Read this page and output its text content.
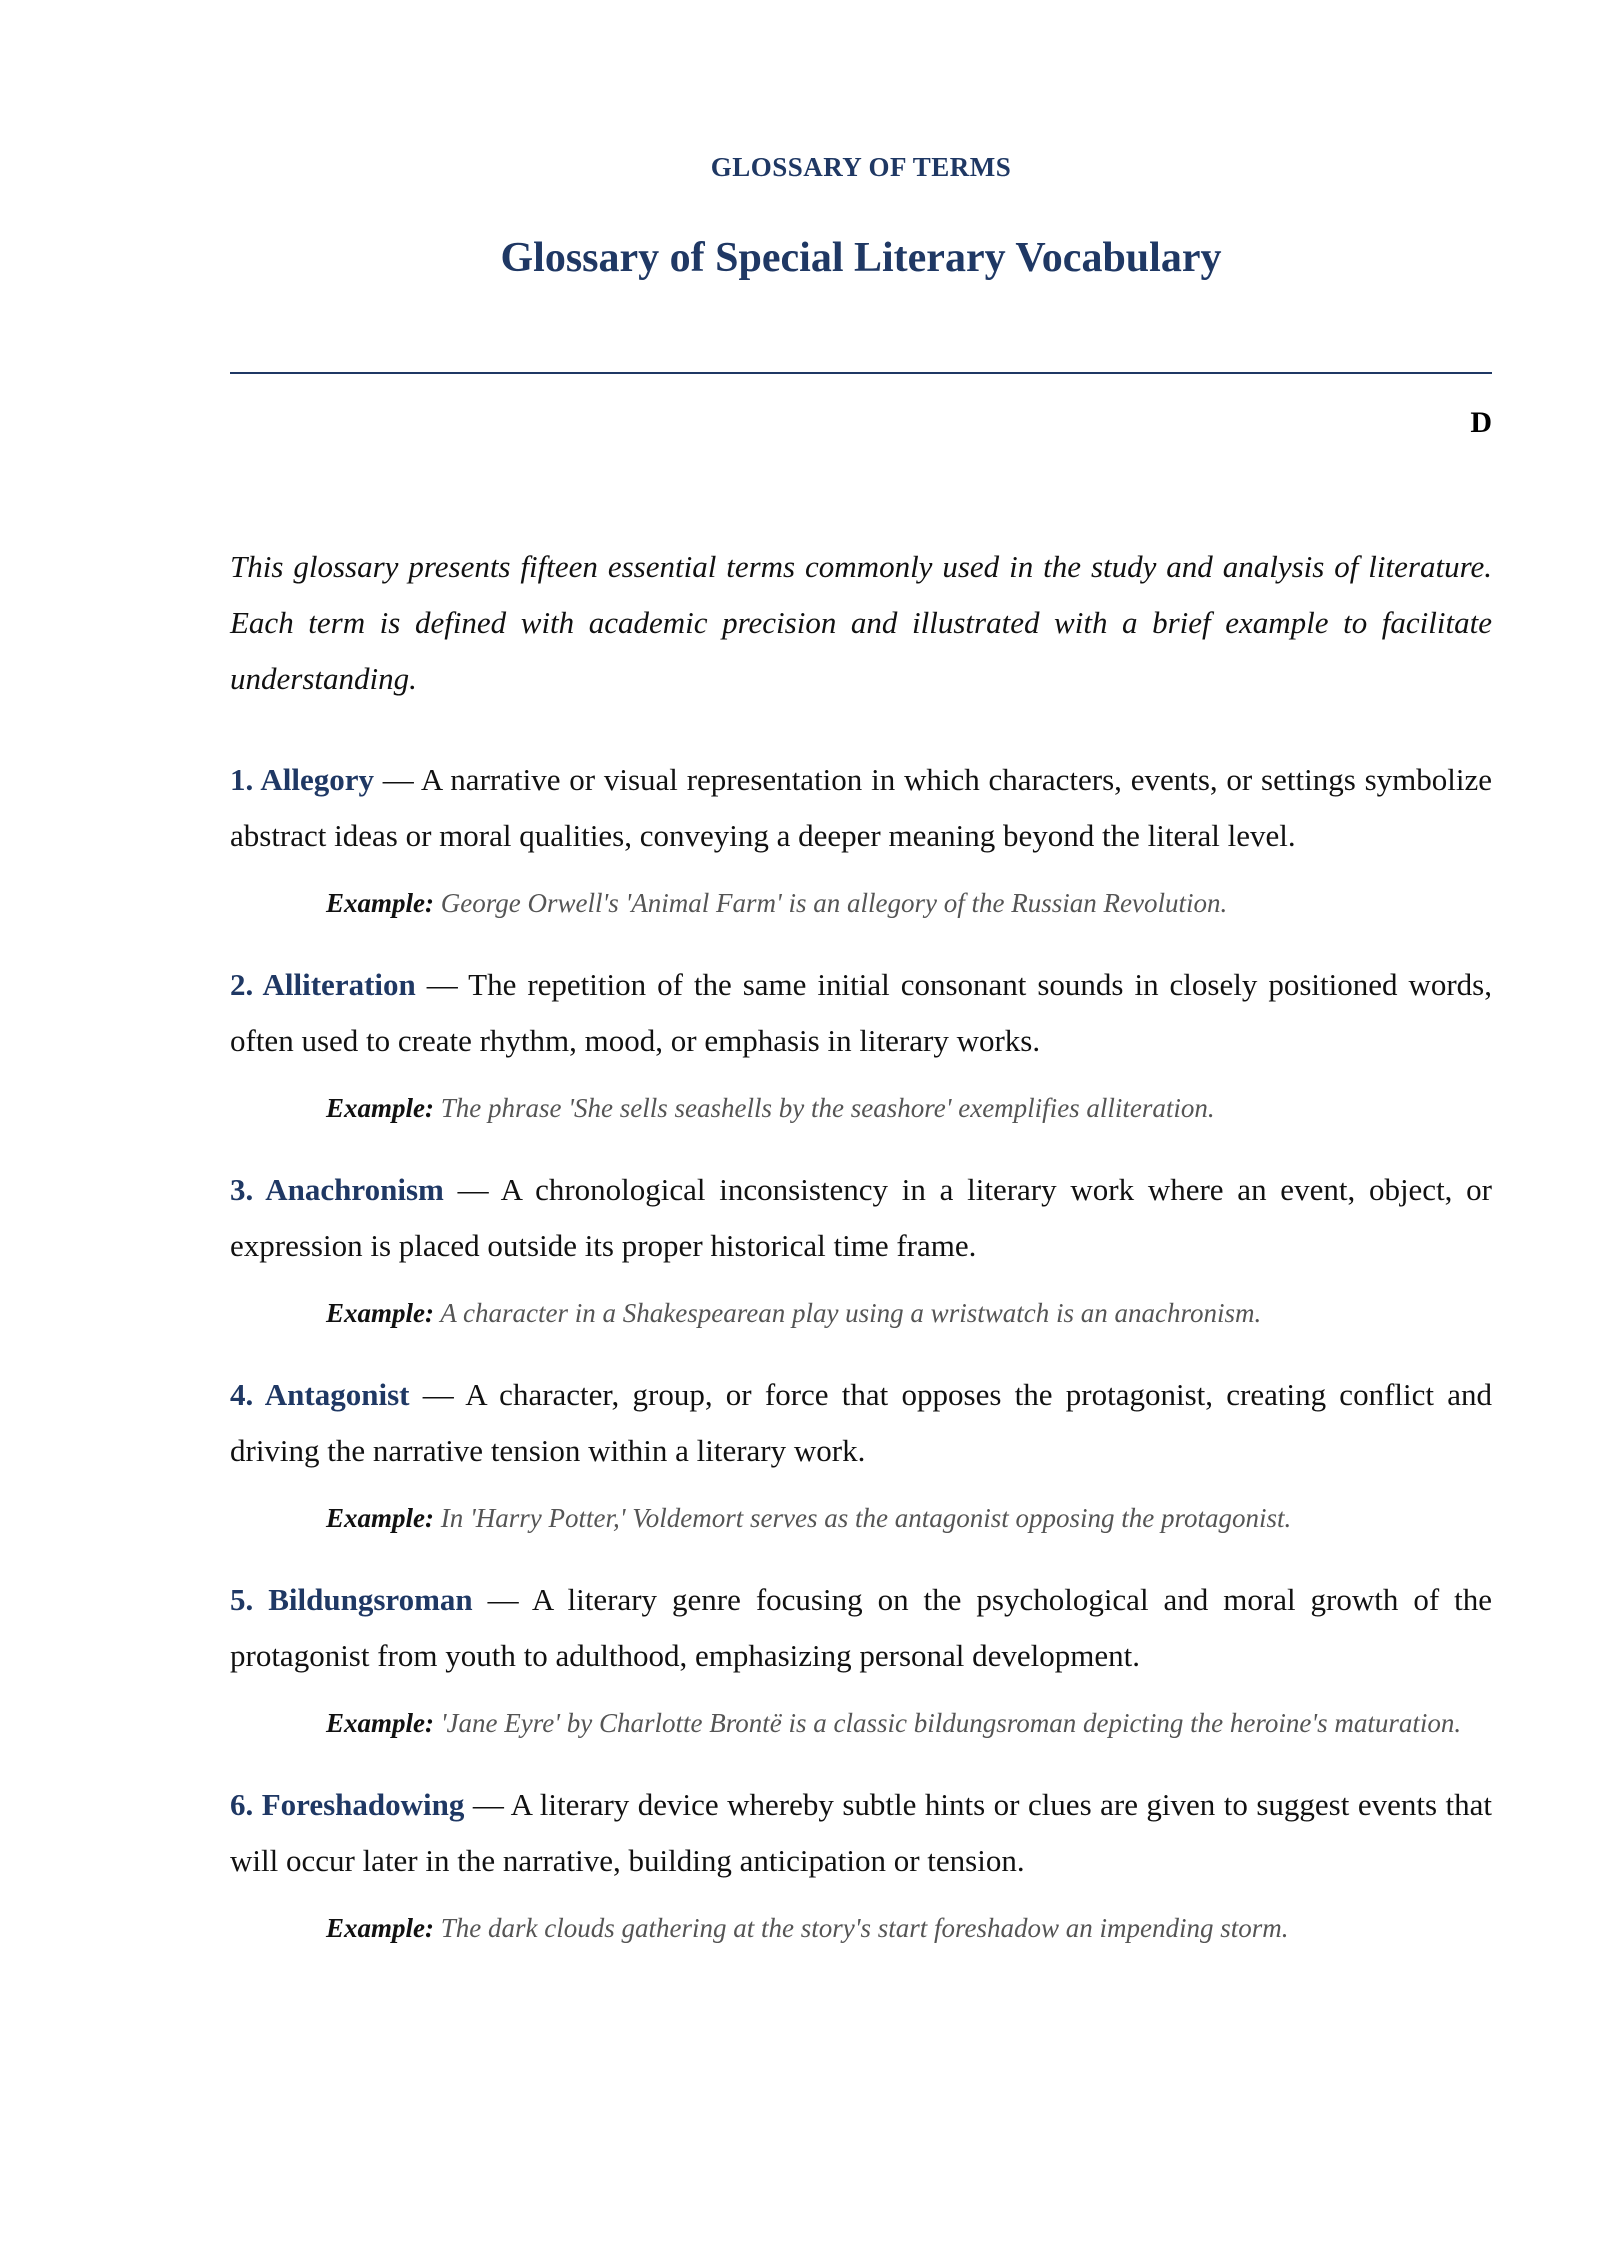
GLOSSARY OF TERMS
Glossary of Special Literary Vocabulary
D

This glossary presents fifteen essential terms commonly used in the study and analysis of literature. Each term is defined with academic precision and illustrated with a brief example to facilitate understanding.

1. Allegory — A narrative or visual representation in which characters, events, or settings symbolize abstract ideas or moral qualities, conveying a deeper meaning beyond the literal level.

Example: George Orwell's 'Animal Farm' is an allegory of the Russian Revolution.

2. Alliteration — The repetition of the same initial consonant sounds in closely positioned words, often used to create rhythm, mood, or emphasis in literary works.

Example: The phrase 'She sells seashells by the seashore' exemplifies alliteration.

3. Anachronism — A chronological inconsistency in a literary work where an event, object, or expression is placed outside its proper historical time frame.

Example: A character in a Shakespearean play using a wristwatch is an anachronism.

4. Antagonist — A character, group, or force that opposes the protagonist, creating conflict and driving the narrative tension within a literary work.

Example: In 'Harry Potter,' Voldemort serves as the antagonist opposing the protagonist.

5. Bildungsroman — A literary genre focusing on the psychological and moral growth of the protagonist from youth to adulthood, emphasizing personal development.

Example: 'Jane Eyre' by Charlotte Brontë is a classic bildungsroman depicting the heroine's maturation.

6. Foreshadowing — A literary device whereby subtle hints or clues are given to suggest events that will occur later in the narrative, building anticipation or tension.

Example: The dark clouds gathering at the story's start foreshadow an impending storm.
